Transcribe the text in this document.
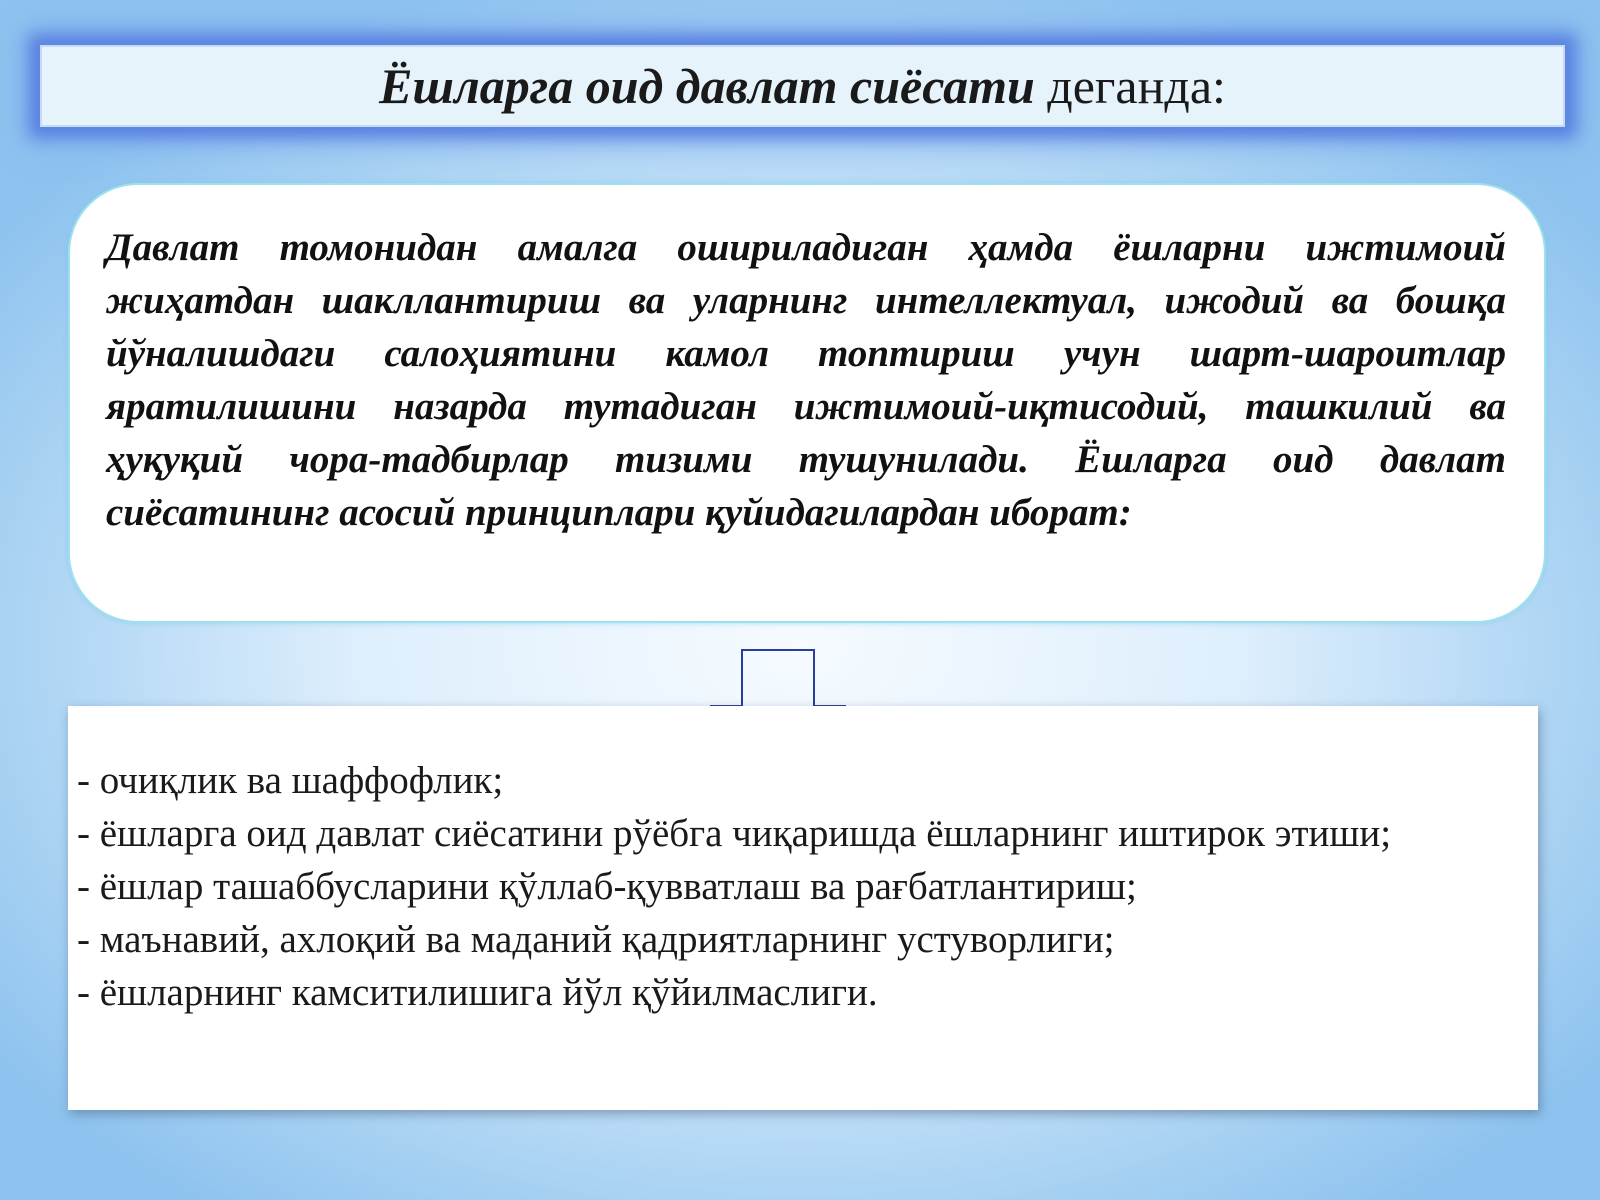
Ёшларга оид давлат сиёсати деганда:

Давлат томонидан амалга ошириладиган ҳамда ёшларни ижтимоий жиҳатдан шакллантириш ва уларнинг интеллектуал, ижодий ва бошқа йўналишдаги салоҳиятини камол топтириш учун шарт-шароитлар яратилишини назарда тутадиган ижтимоий-иқтисодий, ташкилий ва ҳуқуқий чора-тадбирлар тизими тушунилади. Ёшларга оид давлат сиёсатининг асосий принциплари қуйидагилардан иборат:

- очиқлик ва шаффофлик;
- ёшларга оид давлат сиёсатини рўёбга чиқаришда ёшларнинг иштирок этиши;
- ёшлар ташаббусларини қўллаб-қувватлаш ва рағбатлантириш;
- маънавий, ахлоқий ва маданий қадриятларнинг устуворлиги;
- ёшларнинг камситилишига йўл қўйилмаслиги.
